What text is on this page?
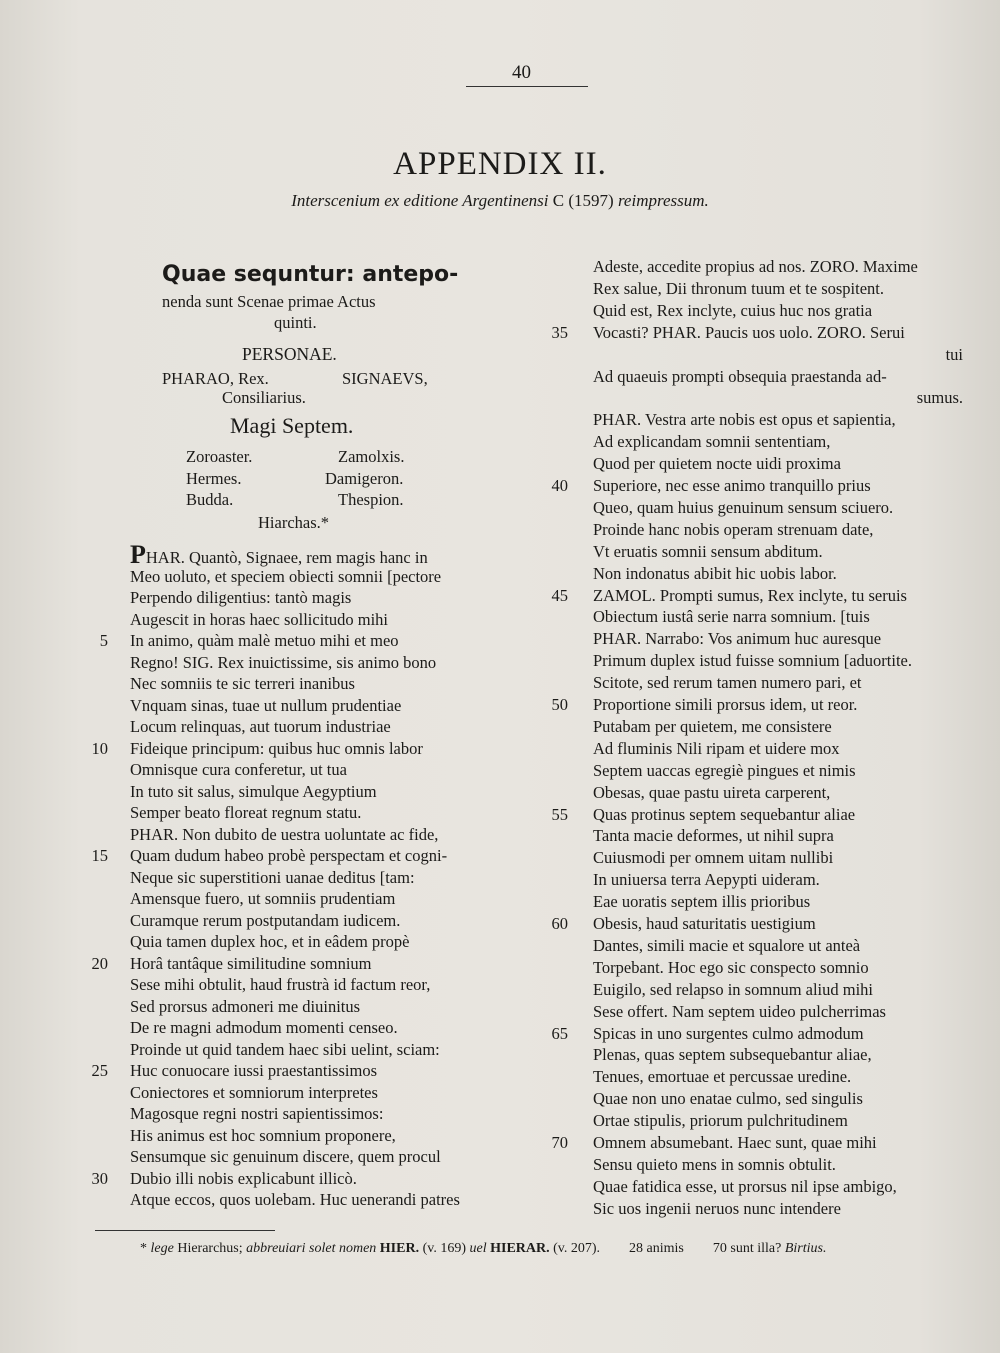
40
APPENDIX II.
Interscenium ex editione Argentinensi C (1597) reimpressum.
Quae sequntur: antepo-
nenda sunt Scenae primae Actus
quinti.
PERSONAE.
PHARAO, Rex.	SIGNAEVS,
Consiliarius.
Magi Septem.
Zoroaster.	Zamolxis.
Hermes.	Damigeron.
Budda.	Thespion.
Hiarchas.*
PHAR. Quantò, Signaee, rem magis hanc in
Meo uoluto, et speciem obiecti somnii [pectore
Perpendo diligentius: tantò magis
Augescit in horas haec sollicitudo mihi
In animo, quàm malè metuo mihi et meo
5
Regno! SIG. Rex inuictissime, sis animo bono
Nec somniis te sic terreri inanibus
Vnquam sinas, tuae ut nullum prudentiae
Locum relinquas, aut tuorum industriae
Fideique principum: quibus huc omnis labor
10
Omnisque cura conferetur, ut tua
In tuto sit salus, simulque Aegyptium
Semper beato floreat regnum statu.
PHAR. Non dubito de uestra uoluntate ac fide,
Quam dudum habeo probè perspectam et cogni-
15
Neque sic superstitioni uanae deditus [tam:
Amensque fuero, ut somniis prudentiam
Curamque rerum postputandam iudicem.
Quia tamen duplex hoc, et in eâdem propè
Horâ tantâque similitudine somnium
20
Sese mihi obtulit, haud frustrà id factum reor,
Sed prorsus admoneri me diuinitus
De re magni admodum momenti censeo.
Proinde ut quid tandem haec sibi uelint, sciam:
Huc conuocare iussi praestantissimos
25
Coniectores et somniorum interpretes
Magosque regni nostri sapientissimos:
His animus est hoc somnium proponere,
Sensumque sic genuinum discere, quem procul
Dubio illi nobis explicabunt illicò.
30
Atque eccos, quos uolebam. Huc uenerandi patres
Adeste, accedite propius ad nos. ZORO. Maxime
Rex salue, Dii thronum tuum et te sospitent.
Quid est, Rex inclyte, cuius huc nos gratia
Vocasti? PHAR. Paucis uos uolo. ZORO. Serui
35
tui
Ad quaeuis prompti obsequia praestanda ad-
sumus.
PHAR. Vestra arte nobis est opus et sapientia,
Ad explicandam somnii sententiam,
Quod per quietem nocte uidi proxima
Superiore, nec esse animo tranquillo prius
40
Queo, quam huius genuinum sensum sciuero.
Proinde hanc nobis operam strenuam date,
Vt eruatis somnii sensum abditum.
Non indonatus abibit hic uobis labor.
ZAMOL. Prompti sumus, Rex inclyte, tu seruis
45
Obiectum iustâ serie narra somnium. [tuis
PHAR. Narrabo: Vos animum huc auresque
Primum duplex istud fuisse somnium [aduortite.
Scitote, sed rerum tamen numero pari, et
Proportione simili prorsus idem, ut reor.
50
Putabam per quietem, me consistere
Ad fluminis Nili ripam et uidere mox
Septem uaccas egregiè pingues et nimis
Obesas, quae pastu uireta carperent,
Quas protinus septem sequebantur aliae
55
Tanta macie deformes, ut nihil supra
Cuiusmodi per omnem uitam nullibi
In uniuersa terra Aepypti uideram.
Eae uoratis septem illis prioribus
Obesis, haud saturitatis uestigium
60
Dantes, simili macie et squalore ut anteà
Torpebant. Hoc ego sic conspecto somnio
Euigilo, sed relapso in somnum aliud mihi
Sese offert. Nam septem uideo pulcherrimas
Spicas in uno surgentes culmo admodum
65
Plenas, quas septem subsequebantur aliae,
Tenues, emortuae et percussae uredine.
Quae non uno enatae culmo, sed singulis
Ortae stipulis, priorum pulchritudinem
Omnem absumebant. Haec sunt, quae mihi
70
Sensu quieto mens in somnis obtulit.
Quae fatidica esse, ut prorsus nil ipse ambigo,
Sic uos ingenii neruos nunc intendere
* lege Hierarchus; abbreuiari solet nomen HIER. (v. 169) uel HIERAR. (v. 207). 28 animis 70 sunt illa? Birtius.
